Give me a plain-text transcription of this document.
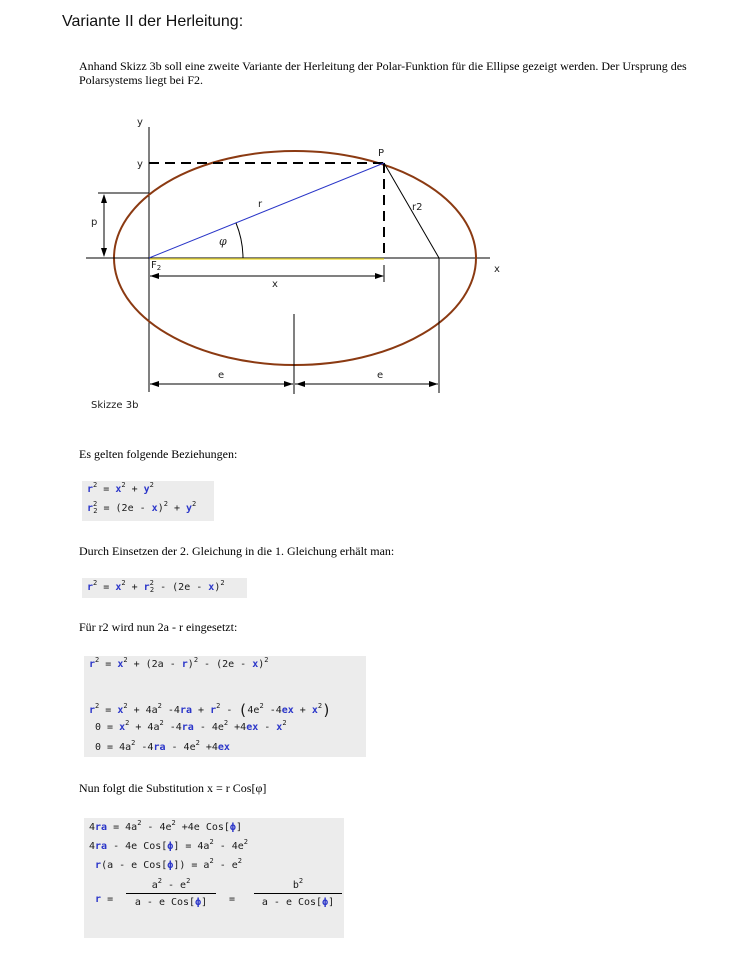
Variante II der Herleitung:
Anhand Skizz 3b soll eine zweite Variante der Herleitung der Polar-Funktion für die Ellipse gezeigt werden. Der Ursprung des Polarsystems liegt bei F2.
y
y
P
r	r2
p
φ
$F_2$	x
x
e	e
Skizze 3b
Es gelten folgende Beziehungen:
$r^2 = x^2 + y^2$
$r^2_2 = (2e - x)^2 + y^2$
Durch Einsetzen der 2. Gleichung in die 1. Gleichung erhält man:
$r^2 = x^2 + r^2_2 - (2e - x)^2$
Für r2 wird nun 2a - r eingesetzt:
$r^2 = x^2 + (2a - r)^2 - (2e - x)^2$
$r^2 = x^2 + 4a^2$ $-4ra + r^2 - (4e^2$ $-4ex + x^2$)
$0 = x^2 + 4a^2$ $-4ra - 4e^2 +4ex - x^2$
$0 = 4a^2$ $-4ra - 4e^2 +4ex$
Nun folgt die Substitution x = r Cos[φ]
$4ra = 4a^2 - 4e^2 +4e$ Cos[ϕ]
4ra - 4e $Cos[\phi] = 4a^2 - 4e^2$
r(a - e $Cos[\phi]) = a^2 - e^2$
r =
$a^2 - e^2$
a - e Cos[ϕ]	=
$b^2$
a - e Cos[ϕ]
